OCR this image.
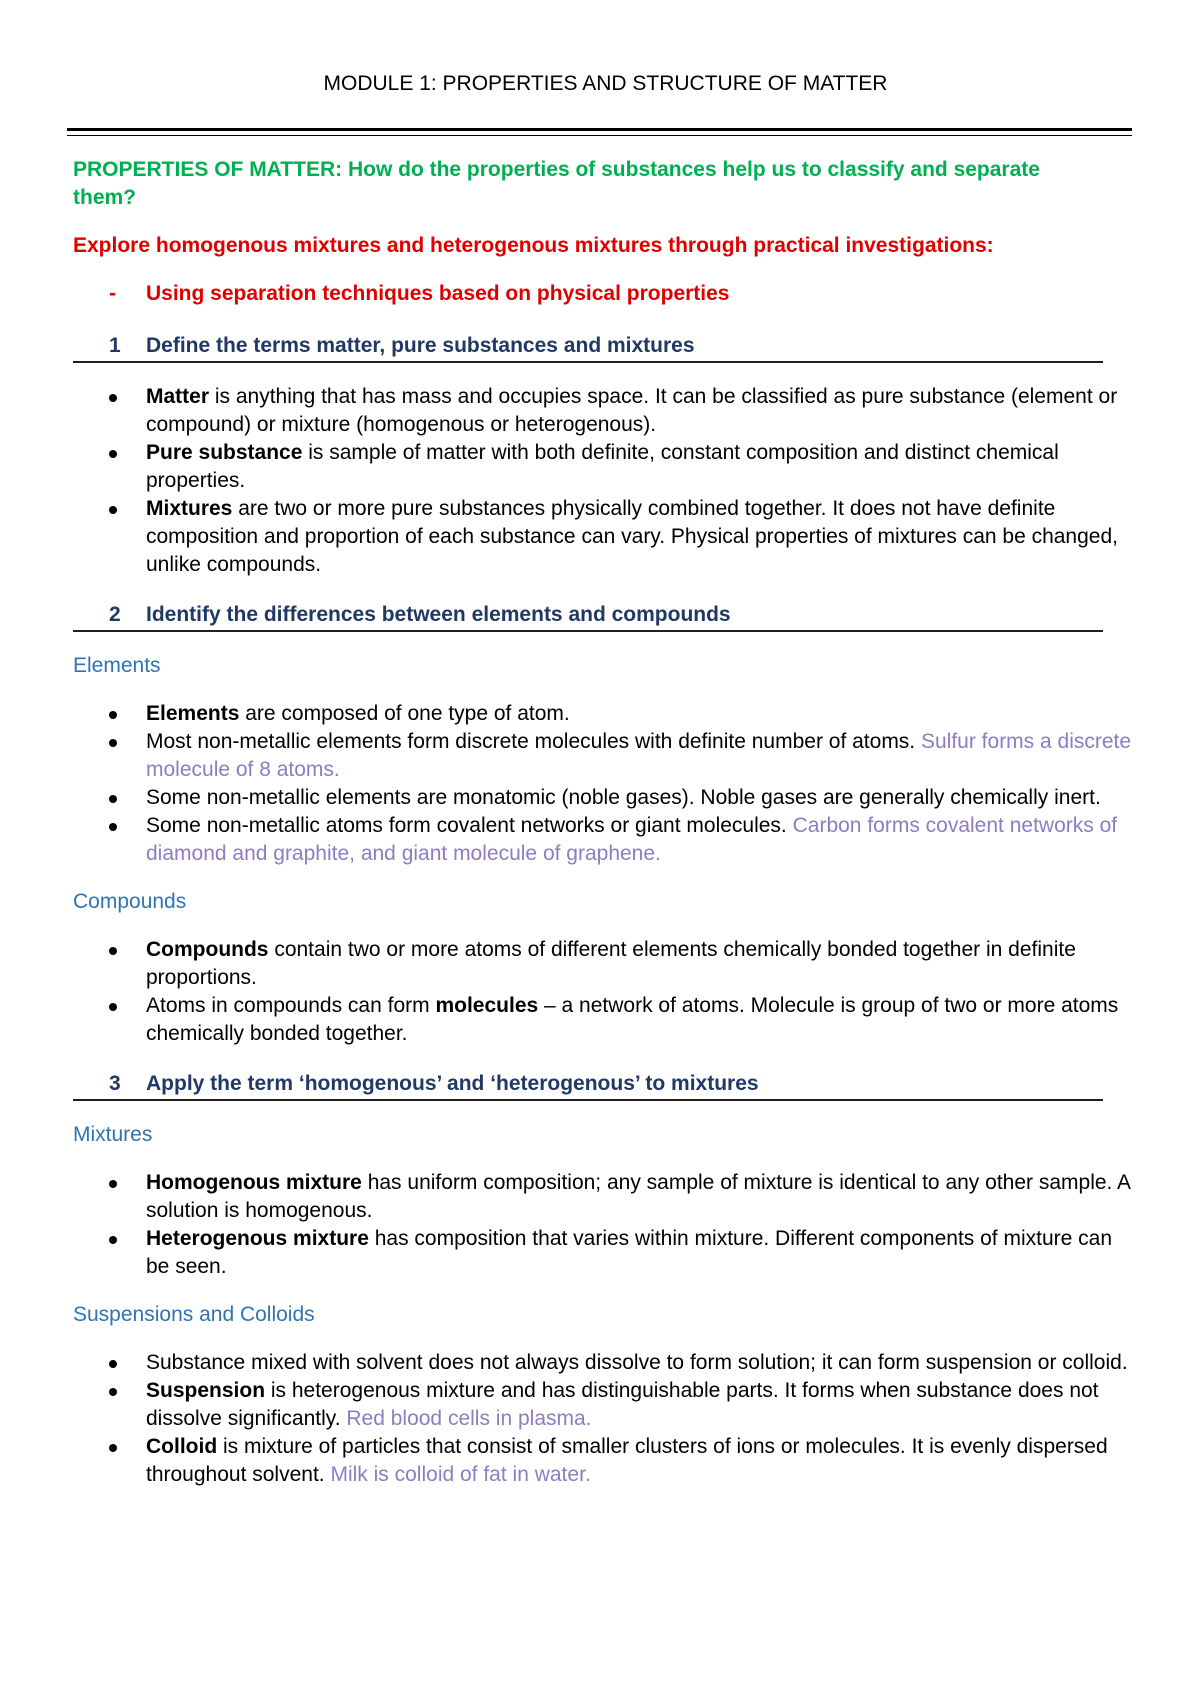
MODULE 1: PROPERTIES AND STRUCTURE OF MATTER

PROPERTIES OF MATTER: How do the properties of substances help us to classify and separate them?

Explore homogenous mixtures and heterogenous mixtures through practical investigations:

-	Using separation techniques based on physical properties
1	Define the terms matter, pure substances and mixtures
Matter is anything that has mass and occupies space. It can be classified as pure substance (element or compound) or mixture (homogenous or heterogenous).
Pure substance is sample of matter with both definite, constant composition and distinct chemical properties.
Mixtures are two or more pure substances physically combined together. It does not have definite composition and proportion of each substance can vary. Physical properties of mixtures can be changed, unlike compounds.
2	Identify the differences between elements and compounds

Elements

Elements are composed of one type of atom.
Most non-metallic elements form discrete molecules with definite number of atoms. Sulfur forms a discrete molecule of 8 atoms.
Some non-metallic elements are monatomic (noble gases). Noble gases are generally chemically inert.
Some non-metallic atoms form covalent networks or giant molecules. Carbon forms covalent networks of diamond and graphite, and giant molecule of graphene.

Compounds

Compounds contain two or more atoms of different elements chemically bonded together in definite proportions.
Atoms in compounds can form molecules – a network of atoms. Molecule is group of two or more atoms chemically bonded together.
3	Apply the term ‘homogenous’ and ‘heterogenous’ to mixtures

Mixtures

Homogenous mixture has uniform composition; any sample of mixture is identical to any other sample. A solution is homogenous.
Heterogenous mixture has composition that varies within mixture. Different components of mixture can be seen.

Suspensions and Colloids

Substance mixed with solvent does not always dissolve to form solution; it can form suspension or colloid.
Suspension is heterogenous mixture and has distinguishable parts. It forms when substance does not dissolve significantly. Red blood cells in plasma.
Colloid is mixture of particles that consist of smaller clusters of ions or molecules. It is evenly dispersed throughout solvent. Milk is colloid of fat in water.
